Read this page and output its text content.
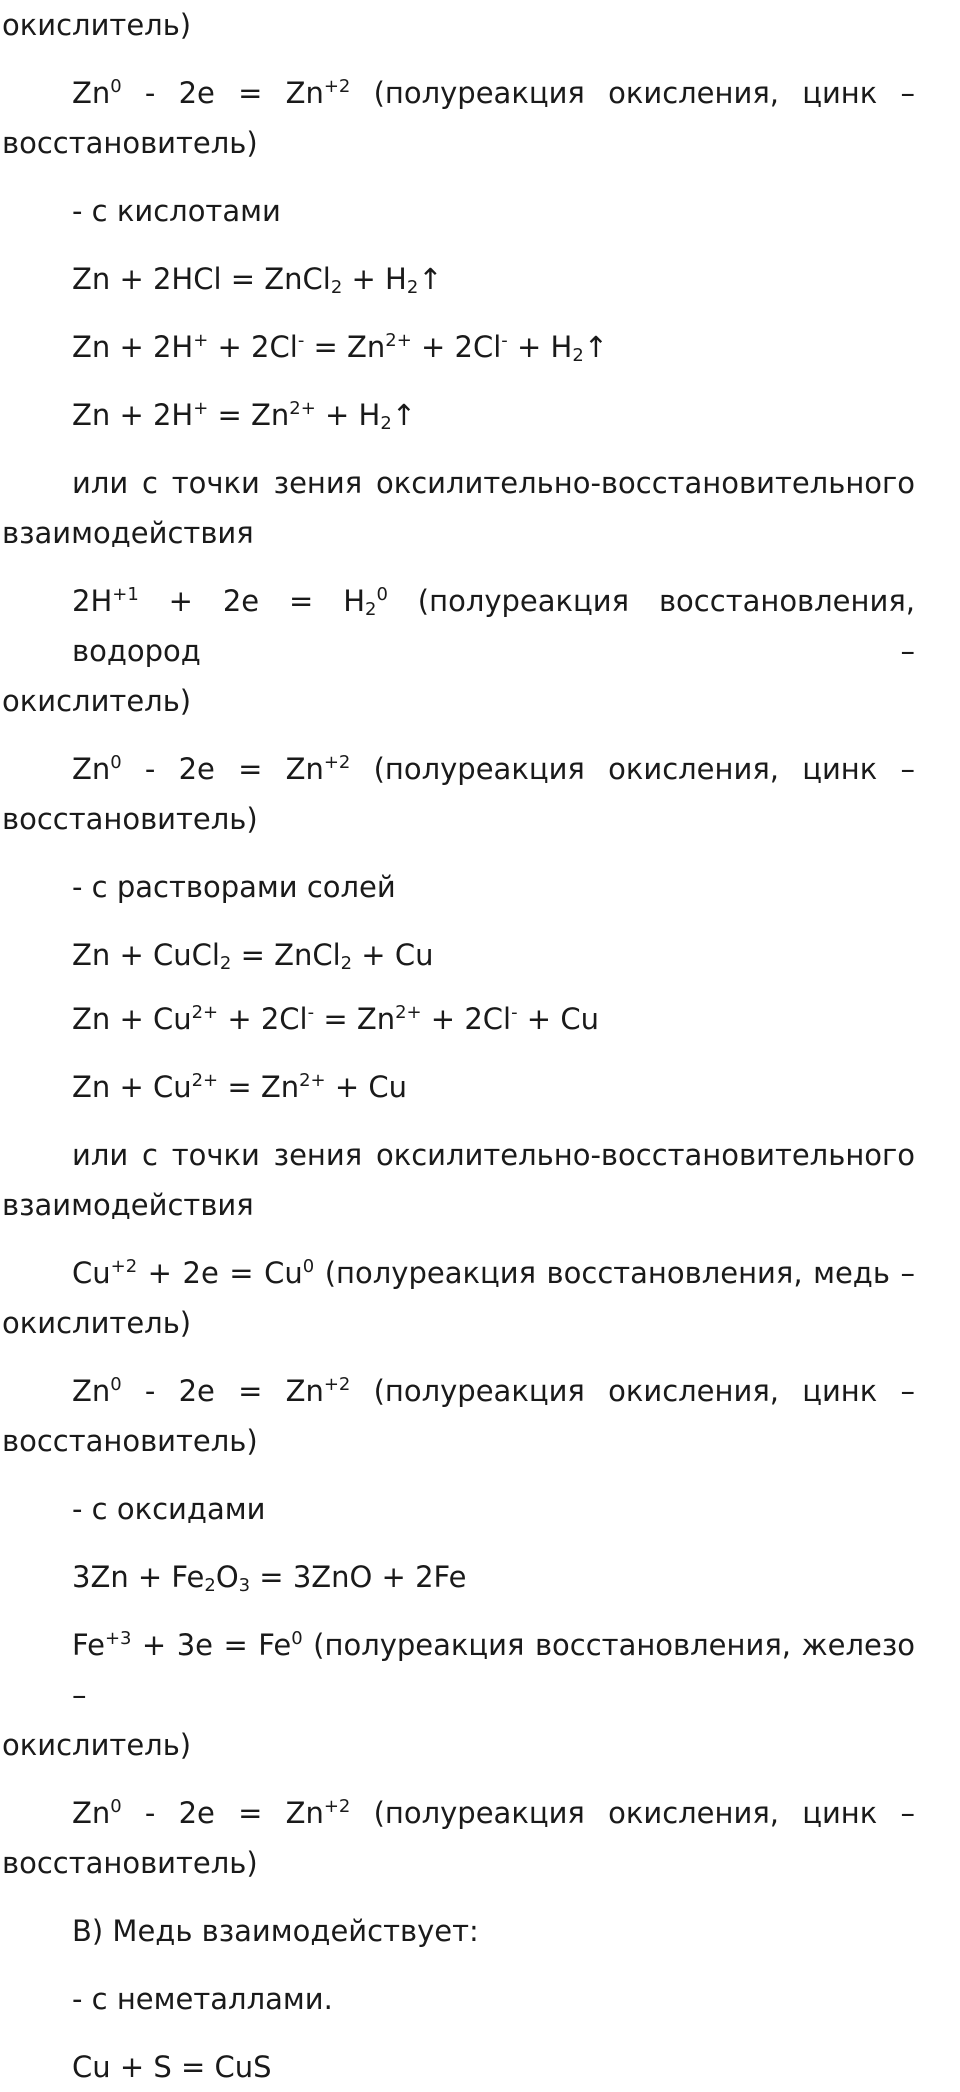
окислитель)

$Zn^0 - 2e = Zn^{+2}$ (полуреакция окисления, цинк –

восстановитель)

- с кислотами

Zn + 2HCl = ZnCl$_2$ + $H_2↑$

$Zn + 2H^+ + 2Cl^- = Zn^{2+} + 2Cl^-$ + $H_2↑$

$Zn + 2H^+ = Zn^{2+}$ + $H_2↑$

или с точки зения оксилительно-восстановительного

взаимодействия

$2H^{+1} + 2e = H_2^0$ (полуреакция восстановления, водород –

окислитель)

$Zn^0 - 2e = Zn^{+2}$ (полуреакция окисления, цинк –

восстановитель)

- с растворами солей

Zn + CuCl$_2$ = ZnCl$_2$ + Cu

$Zn + Cu^{2+} + 2Cl^- = Zn^{2+} + 2Cl^- + Cu$

$Zn + Cu^{2+} = Zn^{2+} + Cu$

или с точки зения оксилительно-восстановительного

взаимодействия

$Cu^{+2} + 2e = Cu^0$ (полуреакция восстановления, медь –

окислитель)

$Zn^0 - 2e = Zn^{+2}$ (полуреакция окисления, цинк –

восстановитель)

- с оксидами

$3Zn + Fe_2O_3 = 3ZnO + 2Fe$

$Fe^{+3} + 3e = Fe^0$ (полуреакция восстановления, железо –

окислитель)

$Zn^0 - 2e = Zn^{+2}$ (полуреакция окисления, цинк –

восстановитель)

В) Медь взаимодействует:

- с неметаллами.

Cu + S = CuS
